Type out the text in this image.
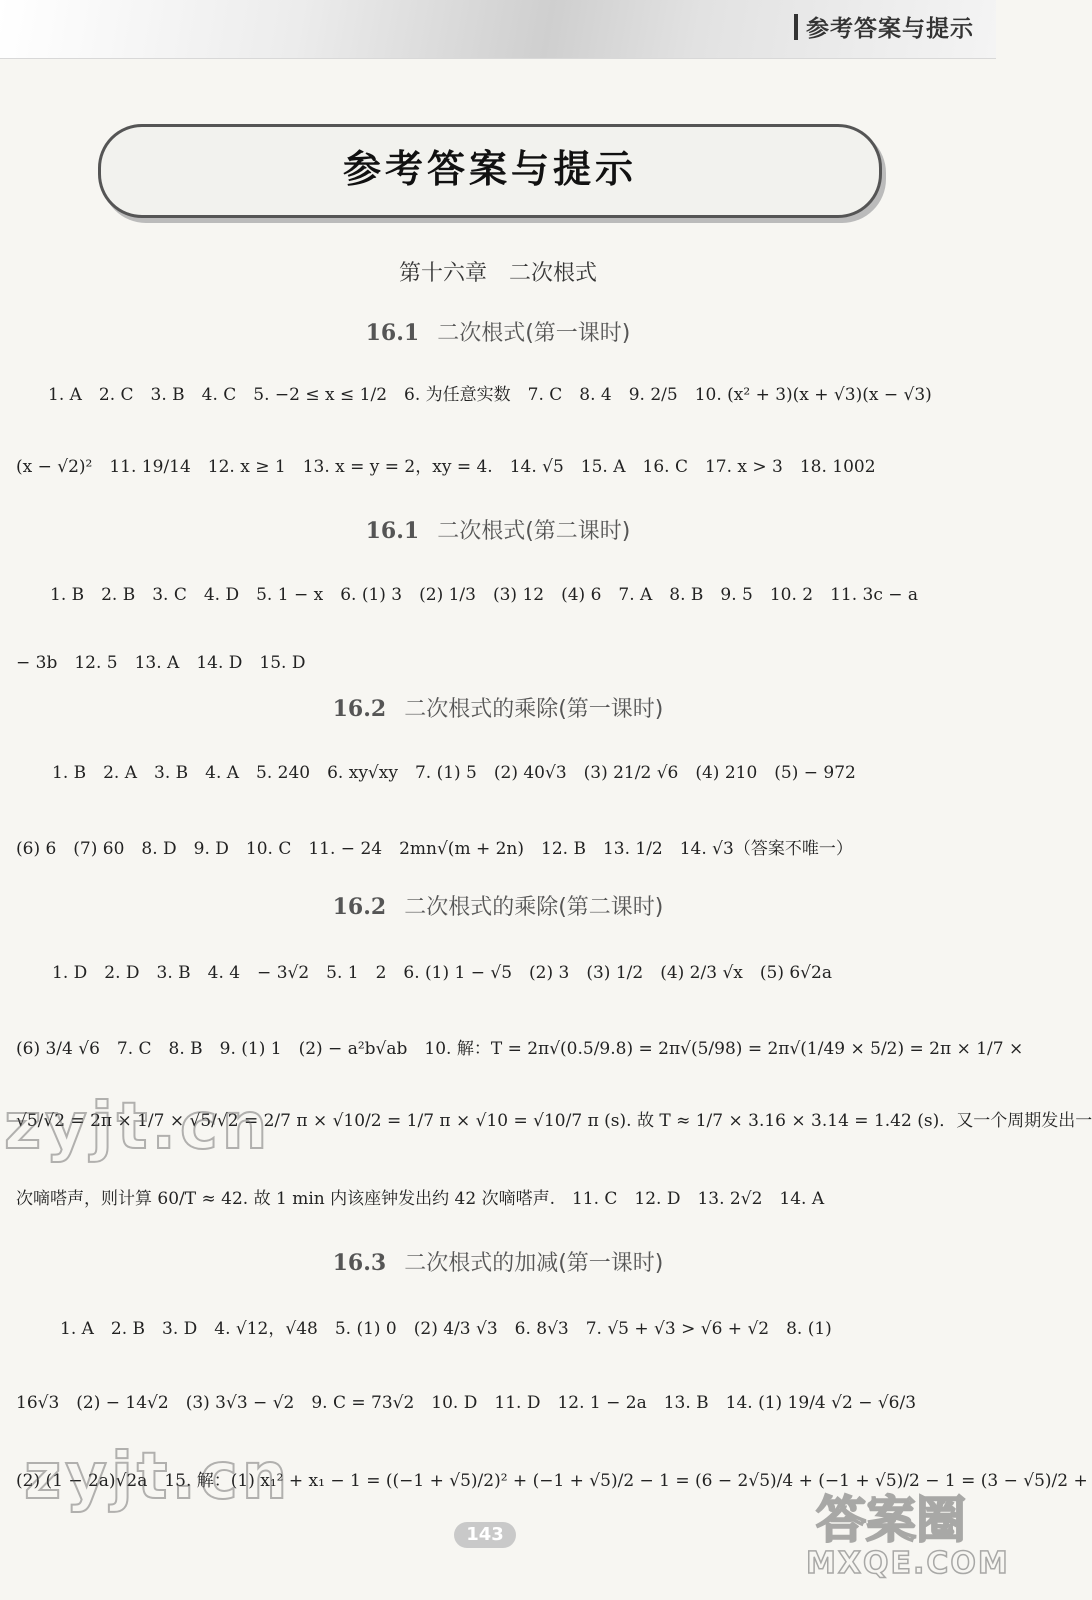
参考答案与提示
参考答案与提示
第十六章　二次根式
16.1 二次根式(第一课时)
1. A　2. C　3. B　4. C　5. −2 ≤ x ≤ 1/2　6. 为任意实数　7. C　8. 4　9. 2/5　10. (x² + 3)(x + √3)(x − √3)
(x − √2)²　11. 19/14　12. x ≥ 1　13. x = y = 2，xy = 4.　14. √5　15. A　16. C　17. x > 3　18. 1002
16.1 二次根式(第二课时)
1. B　2. B　3. C　4. D　5. 1 − x　6. (1) 3　(2) 1/3　(3) 12　(4) 6　7. A　8. B　9. 5　10. 2　11. 3c − a
− 3b　12. 5　13. A　14. D　15. D
16.2 二次根式的乘除(第一课时)
1. B　2. A　3. B　4. A　5. 240　6. xy√xy　7. (1) 5　(2) 40√3　(3) 21/2 √6　(4) 210　(5) − 972
(6) 6　(7) 60　8. D　9. D　10. C　11. − 24　2mn√(m + 2n)　12. B　13. 1/2　14. √3（答案不唯一）
16.2 二次根式的乘除(第二课时)
1. D　2. D　3. B　4. 4　− 3√2　5. 1　2　6. (1) 1 − √5　(2) 3　(3) 1/2　(4) 2/3 √x　(5) 6√2a
(6) 3/4 √6　7. C　8. B　9. (1) 1　(2) − a²b√ab　10. 解：T = 2π√(0.5/9.8) = 2π√(5/98) = 2π√(1/49 × 5/2) = 2π × 1/7 ×
√5/√2 = 2π × 1/7 × √5/√2 = 2/7 π × √10/2 = 1/7 π × √10 = √10/7 π (s). 故 T ≈ 1/7 × 3.16 × 3.14 = 1.42 (s)．又一个周期发出一
次嘀嗒声，则计算 60/T ≈ 42. 故 1 min 内该座钟发出约 42 次嘀嗒声.　11. C　12. D　13. 2√2　14. A
16.3 二次根式的加减(第一课时)
1. A　2. B　3. D　4. √12，√48　5. (1) 0　(2) 4/3 √3　6. 8√3　7. √5 + √3 > √6 + √2　8. (1)
16√3　(2) − 14√2　(3) 3√3 − √2　9. C = 73√2　10. D　11. D　12. 1 − 2a　13. B　14. (1) 19/4 √2 − √6/3
(2) (1 − 2a)√2a　15. 解：(1) x₁² + x₁ − 1 = ((−1 + √5)/2)² + (−1 + √5)/2 − 1 = (6 − 2√5)/4 + (−1 + √5)/2 − 1 = (3 − √5)/2 +
zyjt.cn
zyjt.cn
答案圈
MXQE.COM
143
